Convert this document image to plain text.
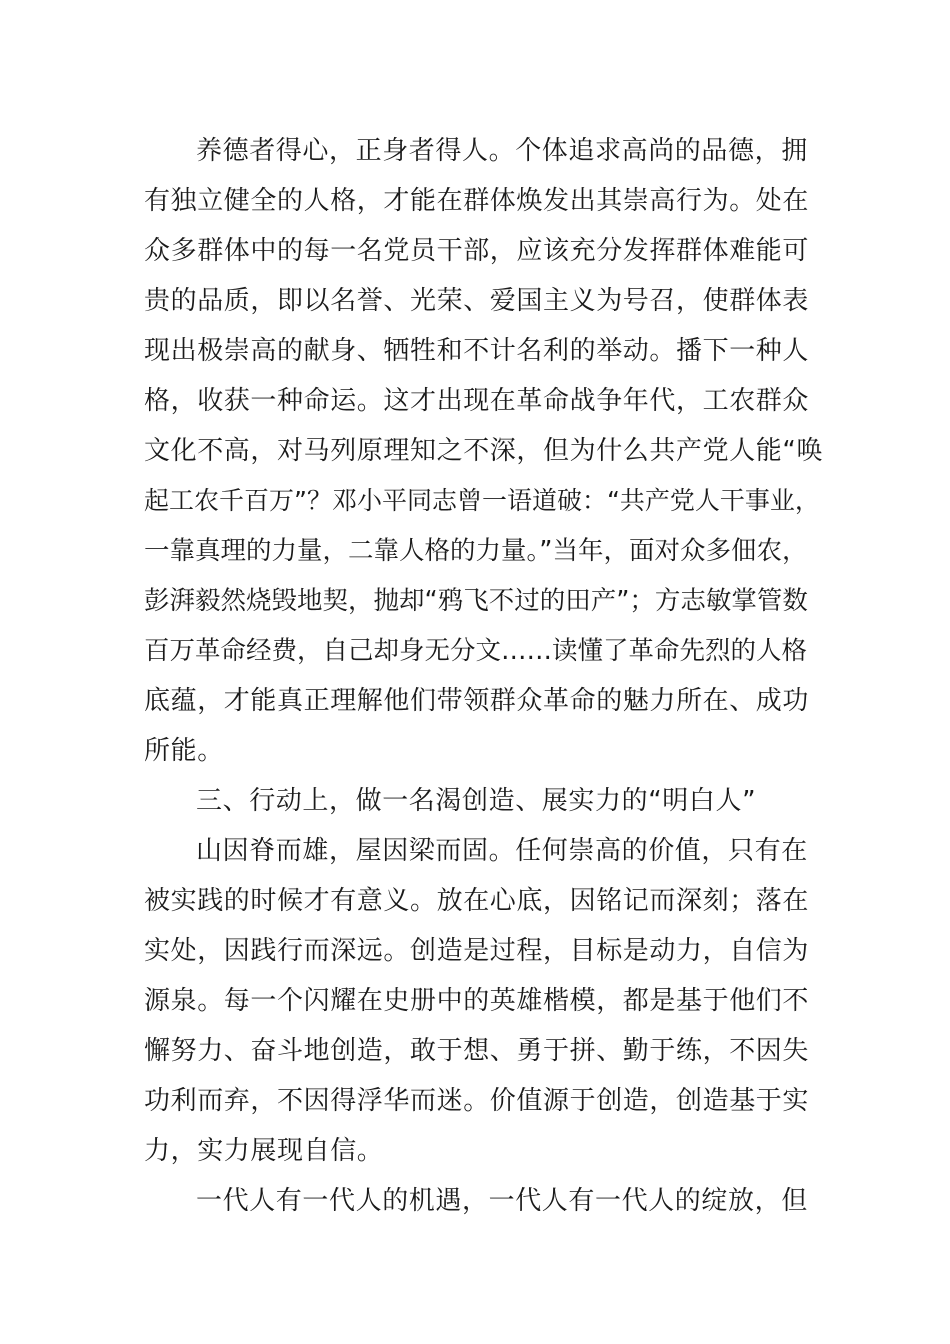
养德者得心，正身者得人。个体追求高尚的品德，拥
有独立健全的人格，才能在群体焕发出其崇高行为。处在
众多群体中的每一名党员干部，应该充分发挥群体难能可
贵的品质，即以名誉、光荣、爱国主义为号召，使群体表
现出极崇高的献身、牺牲和不计名利的举动。播下一种人
格，收获一种命运。这才出现在革命战争年代，工农群众
文化不高，对马列原理知之不深，但为什么共产党人能“唤
起工农千百万”？邓小平同志曾一语道破：“共产党人干事业，
一靠真理的力量，二靠人格的力量。”当年，面对众多佃农，
彭湃毅然烧毁地契，抛却“鸦飞不过的田产”；方志敏掌管数
百万革命经费，自己却身无分文……读懂了革命先烈的人格
底蕴，才能真正理解他们带领群众革命的魅力所在、成功
所能。
三、行动上，做一名渴创造、展实力的“明白人”
山因脊而雄，屋因梁而固。任何崇高的价值，只有在
被实践的时候才有意义。放在心底，因铭记而深刻；落在
实处，因践行而深远。创造是过程，目标是动力，自信为
源泉。每一个闪耀在史册中的英雄楷模，都是基于他们不
懈努力、奋斗地创造，敢于想、勇于拼、勤于练，不因失
功利而弃，不因得浮华而迷。价值源于创造，创造基于实
力，实力展现自信。
一代人有一代人的机遇，一代人有一代人的绽放，但
